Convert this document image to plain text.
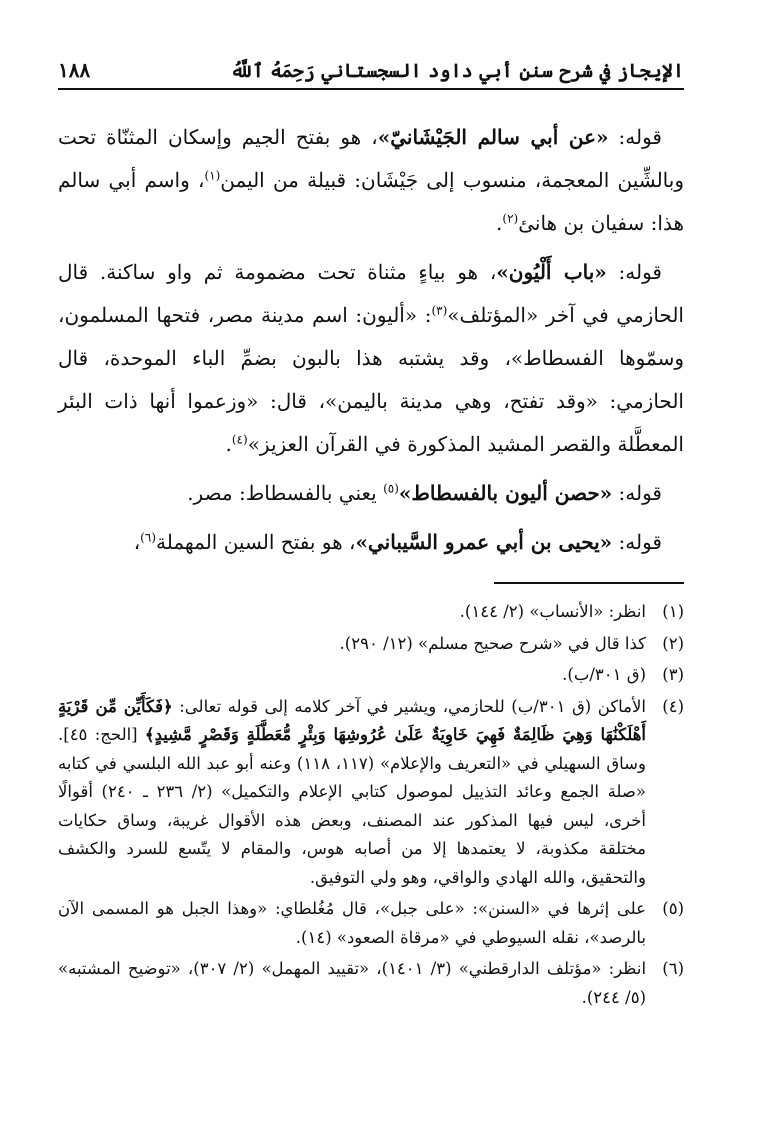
الإيجاز في شرح سنن أبي داود السجستاني رَحِمَهُ ٱللَّهُ
١٨٨

قوله: «عن أبي سالم الجَيْشَانيّ»، هو بفتح الجيم وإسكان المثنّاة تحت وبالشِّين المعجمة، منسوب إلى جَيْشَان: قبيلة من اليمن$^{(١)}$، واسم أبي سالم هذا: سفيان بن هانئ$^{(٢)}$.

قوله: «باب أَلْيُون»، هو بياءٍ مثناة تحت مضمومة ثم واو ساكنة. قال الحازمي في آخر «المؤتلف»$^{(٣)}$: «أليون: اسم مدينة مصر، فتحها المسلمون، وسمّوها الفسطاط»، وقد يشتبه هذا بالبون بضمِّ الباء الموحدة، قال الحازمي: «وقد تفتح، وهي مدينة باليمن»، قال: «وزعموا أنها ذات البئر المعطَّلة والقصر المشيد المذكورة في القرآن العزيز»$^{(٤)}$.

قوله: «حصن أليون بالفسطاط»$^{(٥)}$ يعني بالفسطاط: مصر.

قوله: «يحيى بن أبي عمرو السَّيباني»، هو بفتح السين المهملة$^{(٦)}$،

(١)
انظر: «الأنساب» (٢/ ١٤٤).
(٢)
كذا قال في «شرح صحيح مسلم» (١٢/ ٢٩٠).
(٣)
(ق ٣٠١/ب).
(٤)
الأماكن (ق ٣٠١/ب) للحازمي، ويشير في آخر كلامه إلى قوله تعالى: ﴿فَكَأَيِّن مِّن قَرْيَةٍ أَهْلَكْنَٰهَا وَهِيَ ظَالِمَةٌ فَهِيَ خَاوِيَةٌ عَلَىٰ عُرُوشِهَا وَبِئْرٍ مُّعَطَّلَةٍ وَقَصْرٍ مَّشِيدٍ﴾ [الحج: ٤٥]. وساق السهيلي في «التعريف والإعلام» (١١٧، ١١٨) وعنه أبو عبد الله البلسي في كتابه «صلة الجمع وعائد التذييل لموصول كتابي الإعلام والتكميل» (٢/ ٢٣٦ ـ ٢٤٠) أقوالًا أخرى، ليس فيها المذكور عند المصنف، وبعض هذه الأقوال غريبة، وساق حكايات مختلقة مكذوبة، لا يعتمدها إلا من أصابه هوس، والمقام لا يتّسع للسرد والكشف والتحقيق، والله الهادي والواقي، وهو ولي التوفيق.
(٥)
على إثرها في «السنن»: «على جبل»، قال مُغُلطاي: «وهذا الجبل هو المسمى الآن بالرصد»، نقله السيوطي في «مرقاة الصعود» (١٤).
(٦)
انظر: «مؤتلف الدارقطني» (٣/ ١٤٠١)، «تقييد المهمل» (٢/ ٣٠٧)، «توضيح المشتبه» (٥/ ٢٤٤).
